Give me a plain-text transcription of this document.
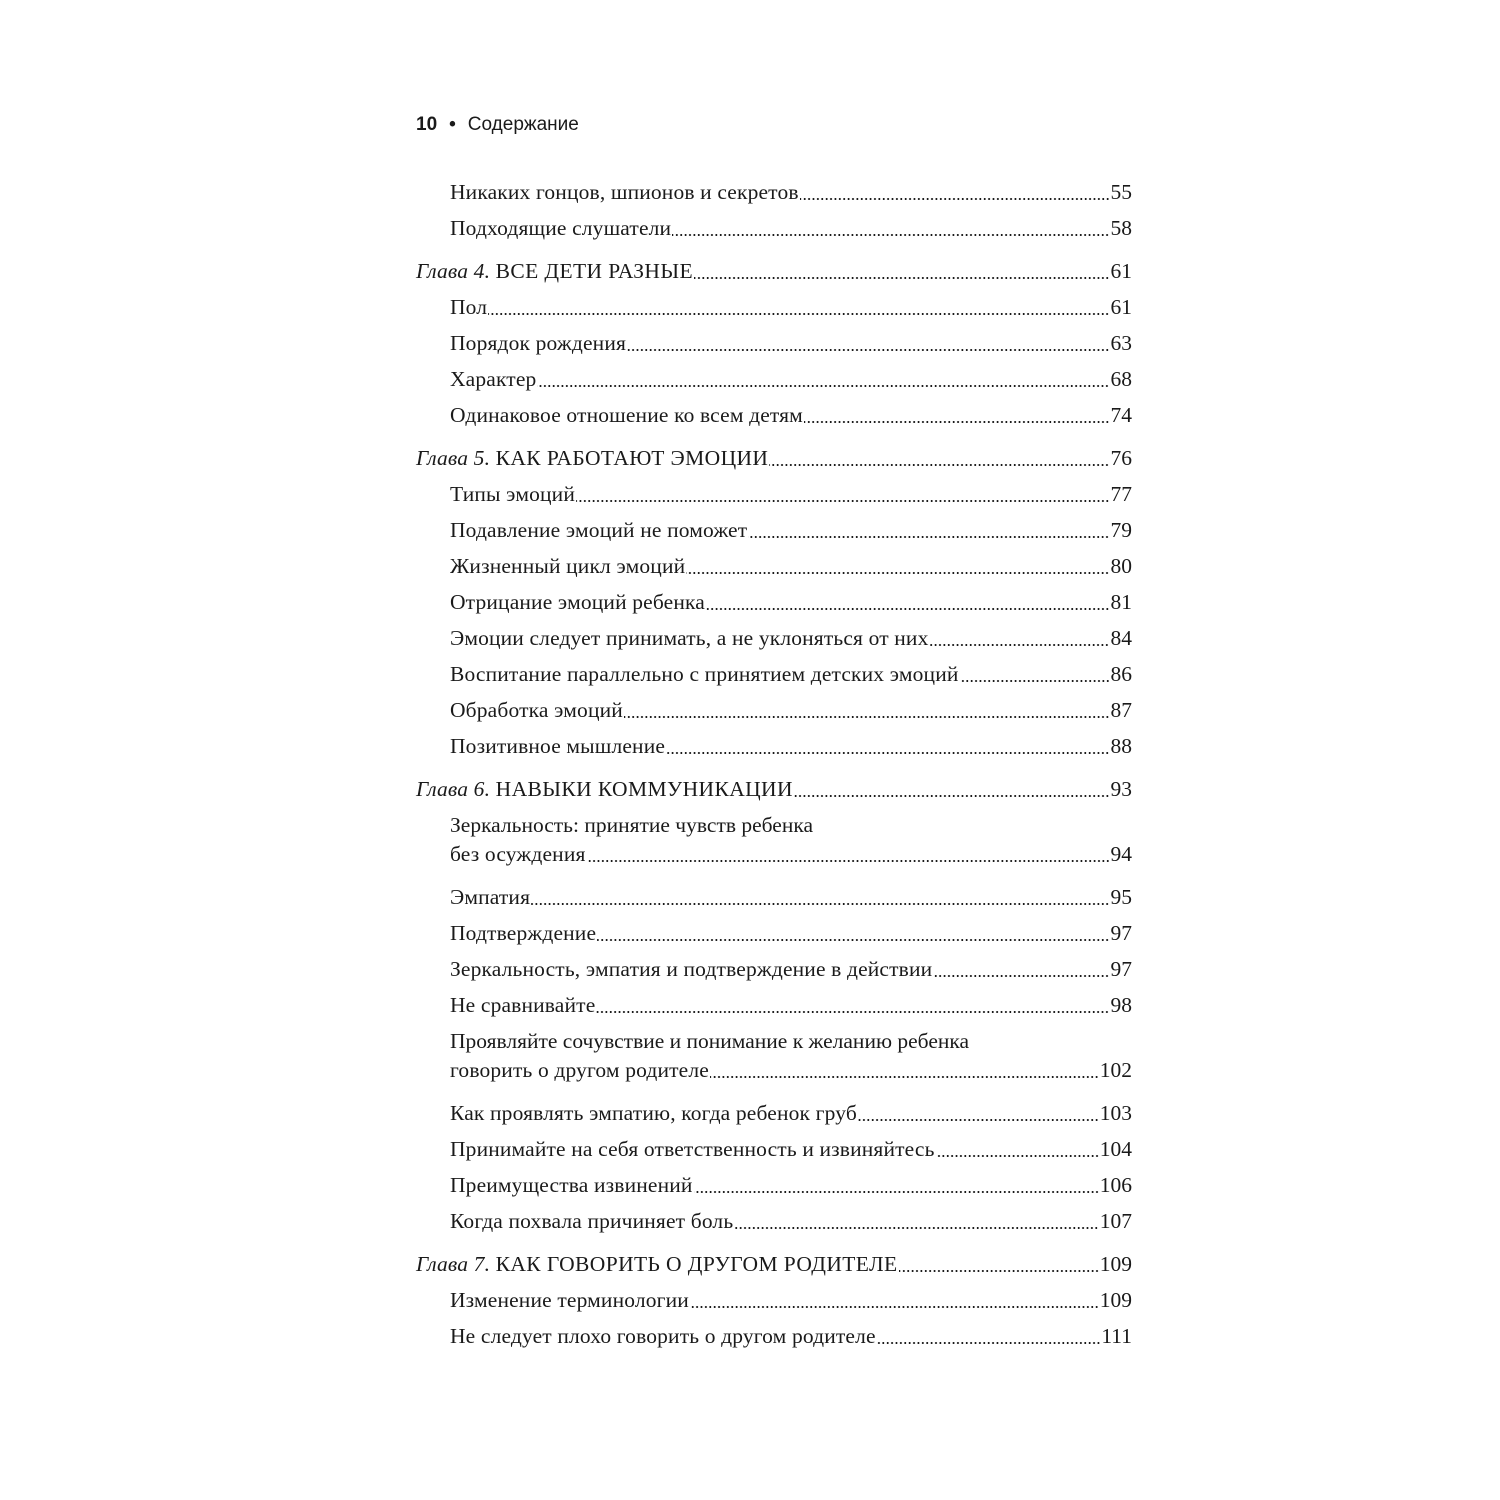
10 • Содержание
Никаких гонцов, шпионов и секретов	55
Подходящие слушатели	58
Глава 4. ВСЕ ДЕТИ РАЗНЫЕ	61
Пол	61
Порядок рождения	63
Характер	68
Одинаковое отношение ко всем детям	74
Глава 5. КАК РАБОТАЮТ ЭМОЦИИ	76
Типы эмоций	77
Подавление эмоций не поможет	79
Жизненный цикл эмоций	80
Отрицание эмоций ребенка	81
Эмоции следует принимать, а не уклоняться от них	84
Воспитание параллельно с принятием детских эмоций	86
Обработка эмоций	87
Позитивное мышление	88
Глава 6. НАВЫКИ КОММУНИКАЦИИ	93
Зеркальность: принятие чувств ребенка
без осуждения	94
Эмпатия	95
Подтверждение	97
Зеркальность, эмпатия и подтверждение в действии	97
Не сравнивайте	98
Проявляйте сочувствие и понимание к желанию ребенка
говорить о другом родителе	102
Как проявлять эмпатию, когда ребенок груб	103
Принимайте на себя ответственность и извиняйтесь	104
Преимущества извинений	106
Когда похвала причиняет боль	107
Глава 7. КАК ГОВОРИТЬ О ДРУГОМ РОДИТЕЛЕ	109
Изменение терминологии	109
Не следует плохо говорить о другом родителе	111
